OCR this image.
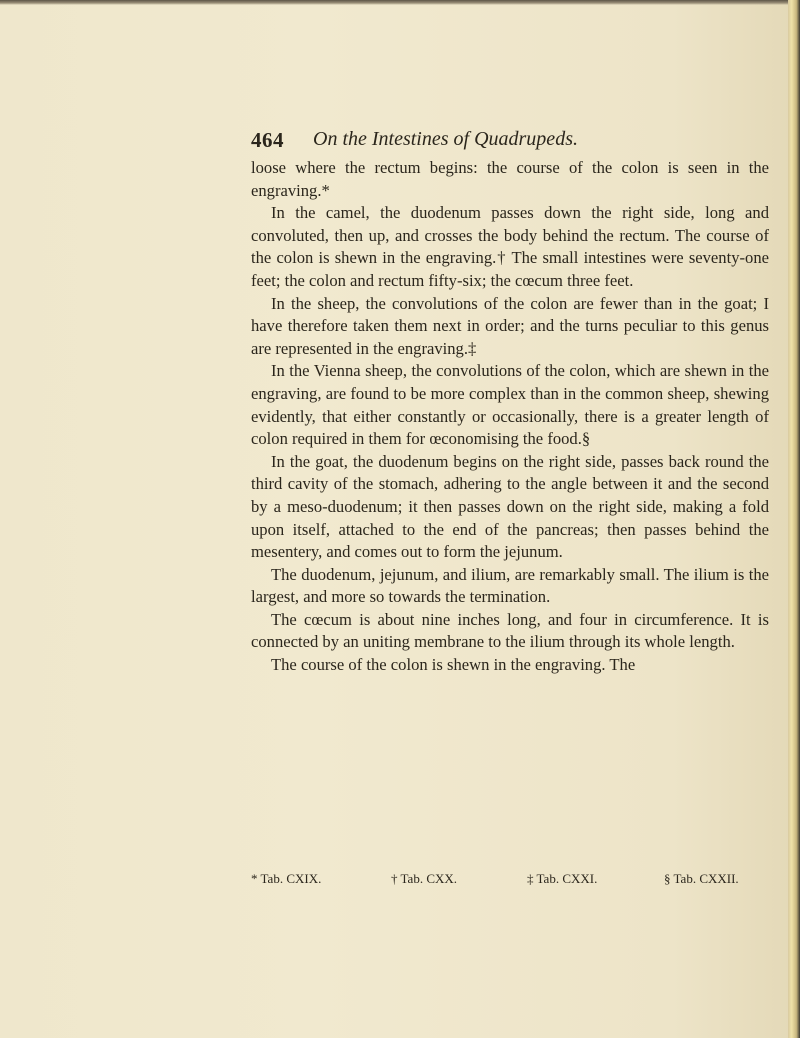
464 On the Intestines of Quadrupeds.

loose where the rectum begins: the course of the colon is seen in the engraving.*

In the camel, the duodenum passes down the right side, long and convoluted, then up, and crosses the body behind the rectum. The course of the colon is shewn in the engraving.† The small intestines were seventy-one feet; the colon and rectum fifty-six; the cœcum three feet.

In the sheep, the convolutions of the colon are fewer than in the goat; I have therefore taken them next in order; and the turns peculiar to this genus are represented in the engraving.‡

In the Vienna sheep, the convolutions of the colon, which are shewn in the engraving, are found to be more complex than in the common sheep, shewing evidently, that either constantly or occasionally, there is a greater length of colon required in them for œconomising the food.§

In the goat, the duodenum begins on the right side, passes back round the third cavity of the stomach, adhering to the angle between it and the second by a meso-duodenum; it then passes down on the right side, making a fold upon itself, attached to the end of the pancreas; then passes behind the mesentery, and comes out to form the jejunum.

The duodenum, jejunum, and ilium, are remarkably small. The ilium is the largest, and more so towards the termination.

The cœcum is about nine inches long, and four in circumference. It is connected by an uniting membrane to the ilium through its whole length.

The course of the colon is shewn in the engraving. The

* Tab. CXIX.	† Tab. CXX.	‡ Tab. CXXI.	§ Tab. CXXII.
